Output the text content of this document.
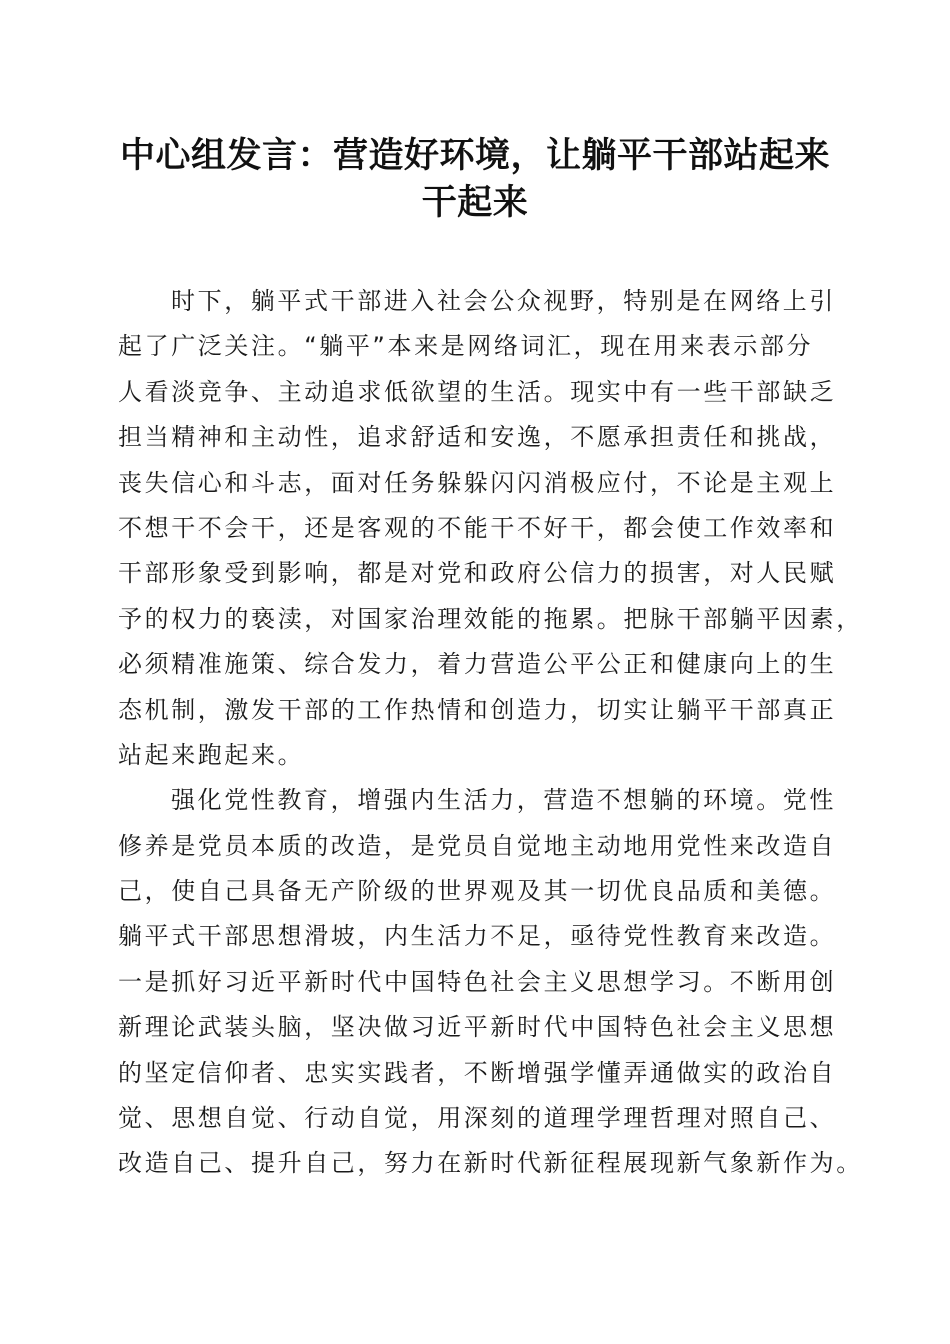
中心组发言：营造好环境，让躺平干部站起来
干起来
时下，躺平式干部进入社会公众视野，特别是在网络上引
起了广泛关注。“躺平”本来是网络词汇，现在用来表示部分
人看淡竞争、主动追求低欲望的生活。现实中有一些干部缺乏
担当精神和主动性，追求舒适和安逸，不愿承担责任和挑战，
丧失信心和斗志，面对任务躲躲闪闪消极应付，不论是主观上
不想干不会干，还是客观的不能干不好干，都会使工作效率和
干部形象受到影响，都是对党和政府公信力的损害，对人民赋
予的权力的亵渎，对国家治理效能的拖累。把脉干部躺平因素，
必须精准施策、综合发力，着力营造公平公正和健康向上的生
态机制，激发干部的工作热情和创造力，切实让躺平干部真正
站起来跑起来。
强化党性教育，增强内生活力，营造不想躺的环境。党性
修养是党员本质的改造，是党员自觉地主动地用党性来改造自
己，使自己具备无产阶级的世界观及其一切优良品质和美德。
躺平式干部思想滑坡，内生活力不足，亟待党性教育来改造。
一是抓好习近平新时代中国特色社会主义思想学习。不断用创
新理论武装头脑，坚决做习近平新时代中国特色社会主义思想
的坚定信仰者、忠实实践者，不断增强学懂弄通做实的政治自
觉、思想自觉、行动自觉，用深刻的道理学理哲理对照自己、
改造自己、提升自己，努力在新时代新征程展现新气象新作为。
